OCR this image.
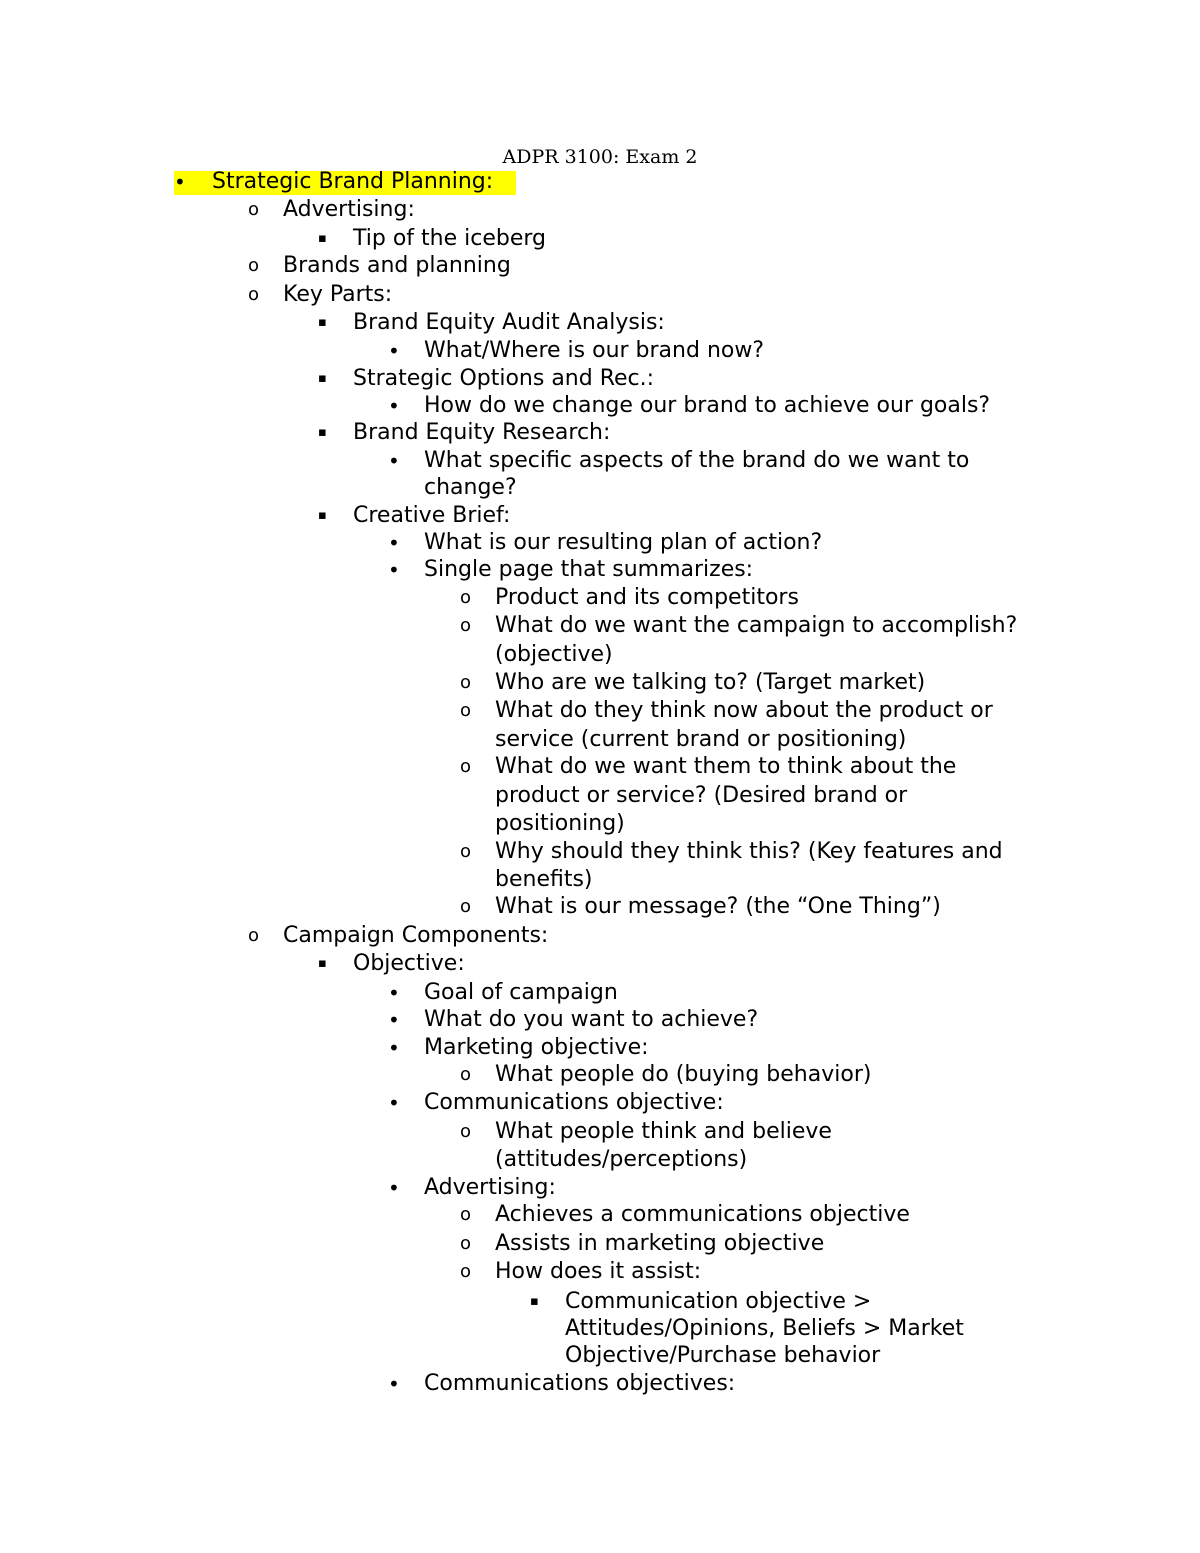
ADPR 3100: Exam 2
•	Strategic Brand Planning:
o	Advertising:
▪	Tip of the iceberg
o	Brands and planning
o	Key Parts:
▪	Brand Equity Audit Analysis:
•	What/Where is our brand now?
▪	Strategic Options and Rec.:
•	How do we change our brand to achieve our goals?
▪	Brand Equity Research:
•	What specific aspects of the brand do we want to
change?
▪	Creative Brief:
•	What is our resulting plan of action?
•	Single page that summarizes:
o	Product and its competitors
o	What do we want the campaign to accomplish?
(objective)
o	Who are we talking to? (Target market)
o	What do they think now about the product or
service (current brand or positioning)
o	What do we want them to think about the
product or service? (Desired brand or
positioning)
o	Why should they think this? (Key features and
benefits)
o	What is our message? (the “One Thing”)
o	Campaign Components:
▪	Objective:
•	Goal of campaign
•	What do you want to achieve?
•	Marketing objective:
o	What people do (buying behavior)
•	Communications objective:
o	What people think and believe
(attitudes/perceptions)
•	Advertising:
o	Achieves a communications objective
o	Assists in marketing objective
o	How does it assist:
▪	Communication objective >
Attitudes/Opinions, Beliefs > Market
Objective/Purchase behavior
•	Communications objectives:
